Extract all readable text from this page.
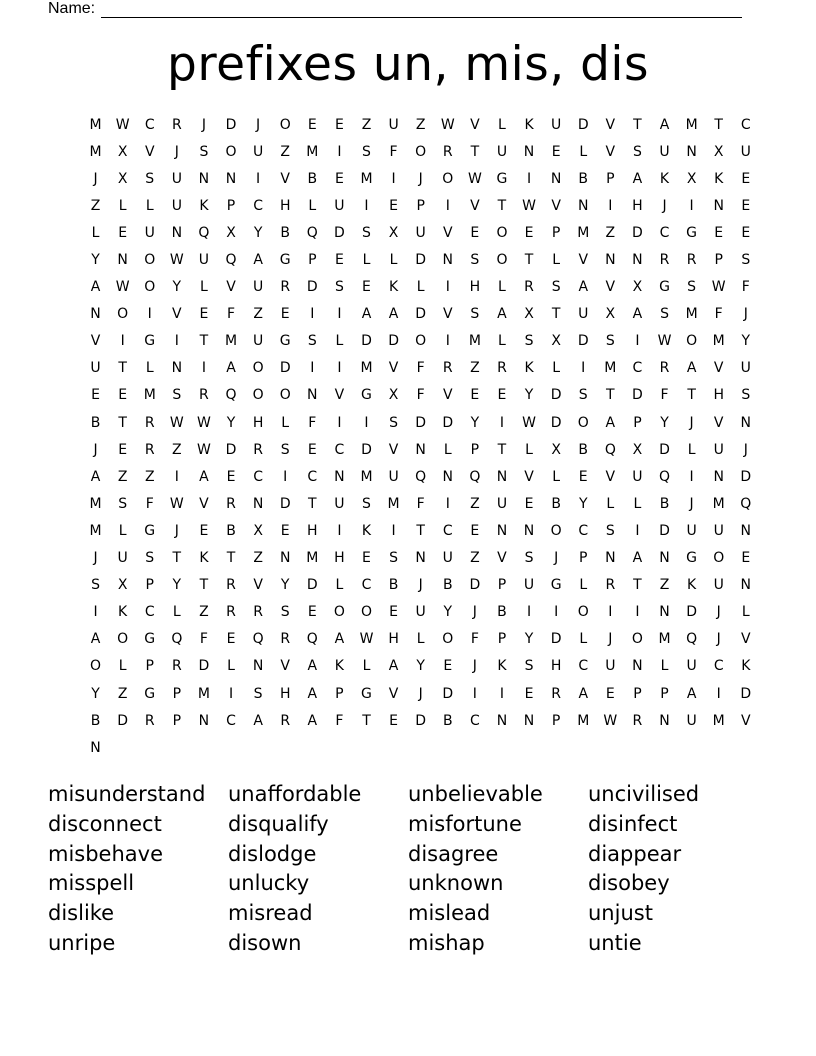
Name:
prefixes un, mis, dis
M	W	C	R	J	D	J	O	E	E	Z	U	Z	W	V	L	K	U	D	V	T	A	M	T	C
M	X	V	J	S	O	U	Z	M	I	S	F	O	R	T	U	N	E	L	V	S	U	N	X	U
J	X	S	U	N	N	I	V	B	E	M	I	J	O	W	G	I	N	B	P	A	K	X	K	E
Z	L	L	U	K	P	C	H	L	U	I	E	P	I	V	T	W	V	N	I	H	J	I	N	E
L	E	U	N	Q	X	Y	B	Q	D	S	X	U	V	E	O	E	P	M	Z	D	C	G	E	E
Y	N	O	W	U	Q	A	G	P	E	L	L	D	N	S	O	T	L	V	N	N	R	R	P	S
A	W	O	Y	L	V	U	R	D	S	E	K	L	I	H	L	R	S	A	V	X	G	S	W	F
N	O	I	V	E	F	Z	E	I	I	A	A	D	V	S	A	X	T	U	X	A	S	M	F	J
V	I	G	I	T	M	U	G	S	L	D	D	O	I	M	L	S	X	D	S	I	W	O	M	Y
U	T	L	N	I	A	O	D	I	I	M	V	F	R	Z	R	K	L	I	M	C	R	A	V	U
E	E	M	S	R	Q	O	O	N	V	G	X	F	V	E	E	Y	D	S	T	D	F	T	H	S
B	T	R	W W	Y	H	L	F	I	I	S	D	D	Y	I	W	D	O	A	P	Y	J	V	N
J	E	R	Z	W	D	R	S	E	C	D	V	N	L	P	T	L	X	B	Q	X	D	L	U	J
A	Z	Z	I	A	E	C	I	C	N	M	U	Q	N	Q	N	V	L	E	V	U	Q	I	N	D
M	S	F	W	V	R	N	D	T	U	S	M	F	I	Z	U	E	B	Y	L	L	B	J	M	Q
M	L	G	J	E	B	X	E	H	I	K	I	T	C	E	N	N	O	C	S	I	D	U	U	N
J	U	S	T	K	T	Z	N	M	H	E	S	N	U	Z	V	S	J	P	N	A	N	G	O	E
S	X	P	Y	T	R	V	Y	D	L	C	B	J	B	D	P	U	G	L	R	T	Z	K	U	N
I	K	C	L	Z	R	R	S	E	O	O	E	U	Y	J	B	I	I	O	I	I	N	D	J	L
A	O	G	Q	F	E	Q	R	Q	A	W	H	L	O	F	P	Y	D	L	J	O	M	Q	J	V
O	L	P	R	D	L	N	V	A	K	L	A	Y	E	J	K	S	H	C	U	N	L	U	C	K
Y	Z	G	P	M	I	S	H	A	P	G	V	J	D	I	I	E	R	A	E	P	P	A	I	D
B	D	R	P	N	C	A	R	A	F	T	E	D	B	C	N	N	P	M	W	R	N	U	M	V
N
misunderstand	unaffordable	unbelievable	uncivilised
disconnect	disqualify	misfortune	disinfect
misbehave	dislodge	disagree	diappear
misspell	unlucky	unknown	disobey
dislike	misread	mislead	unjust
unripe	disown	mishap	untie
